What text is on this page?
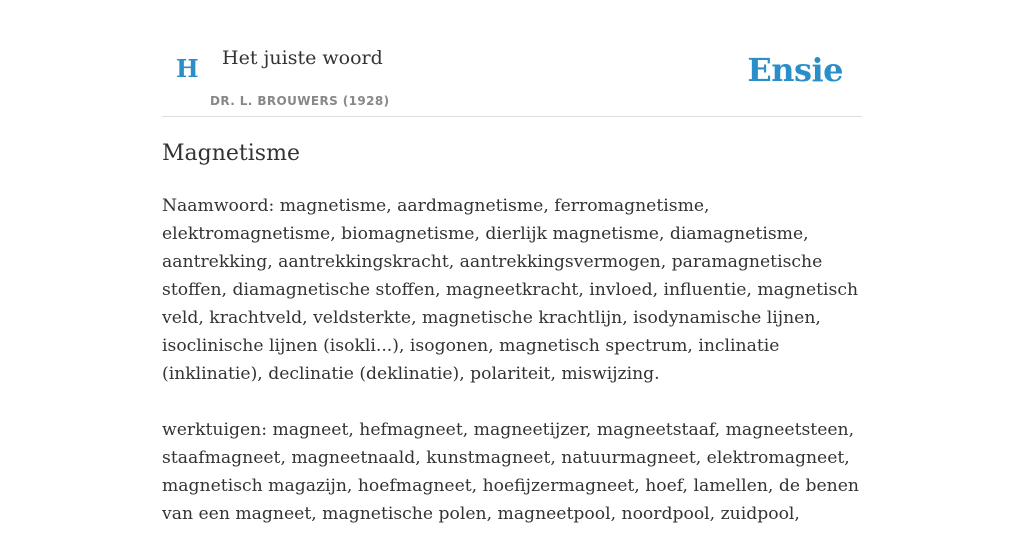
H Het juiste woord
DR. L. BROUWERS (1928)
Ensie
Magnetisme

Naamwoord: magnetisme, aardmagnetisme, ferromagnetisme, elektromagnetisme, biomagnetisme, dierlijk magnetisme, diamagnetisme, aantrekking, aantrekkingskracht, aantrekkingsvermogen, paramagnetische stoffen, diamagnetische stoffen, magneetkracht, invloed, influentie, magnetisch veld, krachtveld, veldsterkte, magnetische krachtlijn, isodynamische lijnen, isoclinische lijnen (isokli...), isogonen, magnetisch spectrum, inclinatie (inklinatie), declinatie (deklinatie), polariteit, miswijzing.

werktuigen: magneet, hefmagneet, magneetijzer, magneetstaaf, magneetsteen, staafmagneet, magneetnaald, kunstmagneet, natuurmagneet, elektromagneet, magnetisch magazijn, hoefmagneet, hoefijzermagneet, hoef, lamellen, de benen van een magneet, magnetische polen, magneetpool, noordpool, zuidpool,
